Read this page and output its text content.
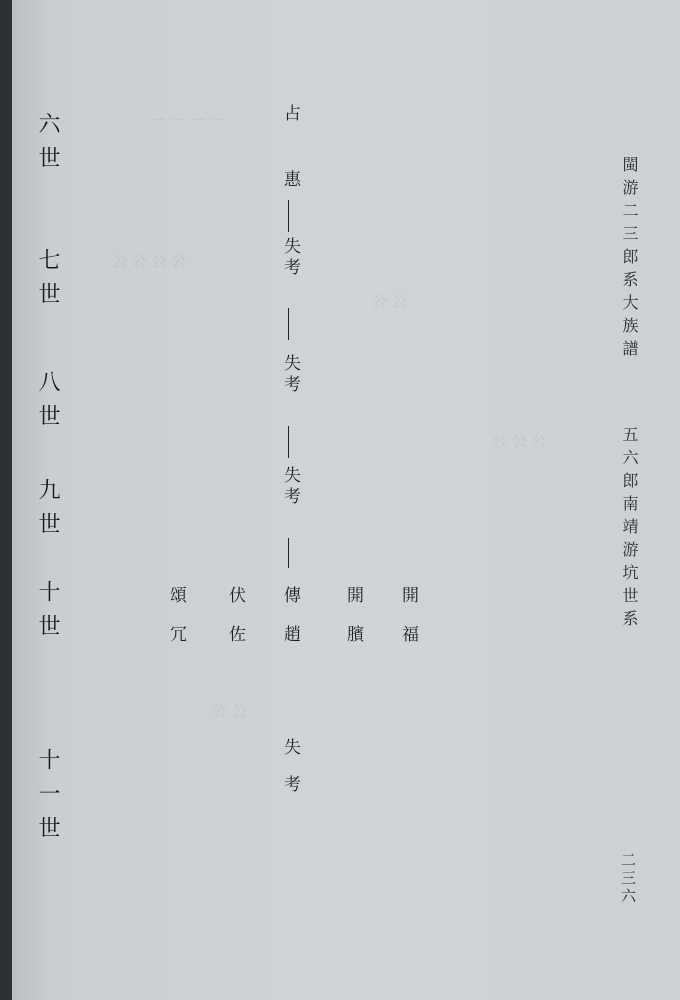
一 一 一 一
公 公 公 公
公 公
公 公 公
公 公
六世
七世
八世
九世
十世
十一世
占
惠
失考
失考
失考
開福
開臏
傳趙
伏佐
頌冗
失考
閩游二三郎系大族譜
五六郎南靖游坑世系
二三六
